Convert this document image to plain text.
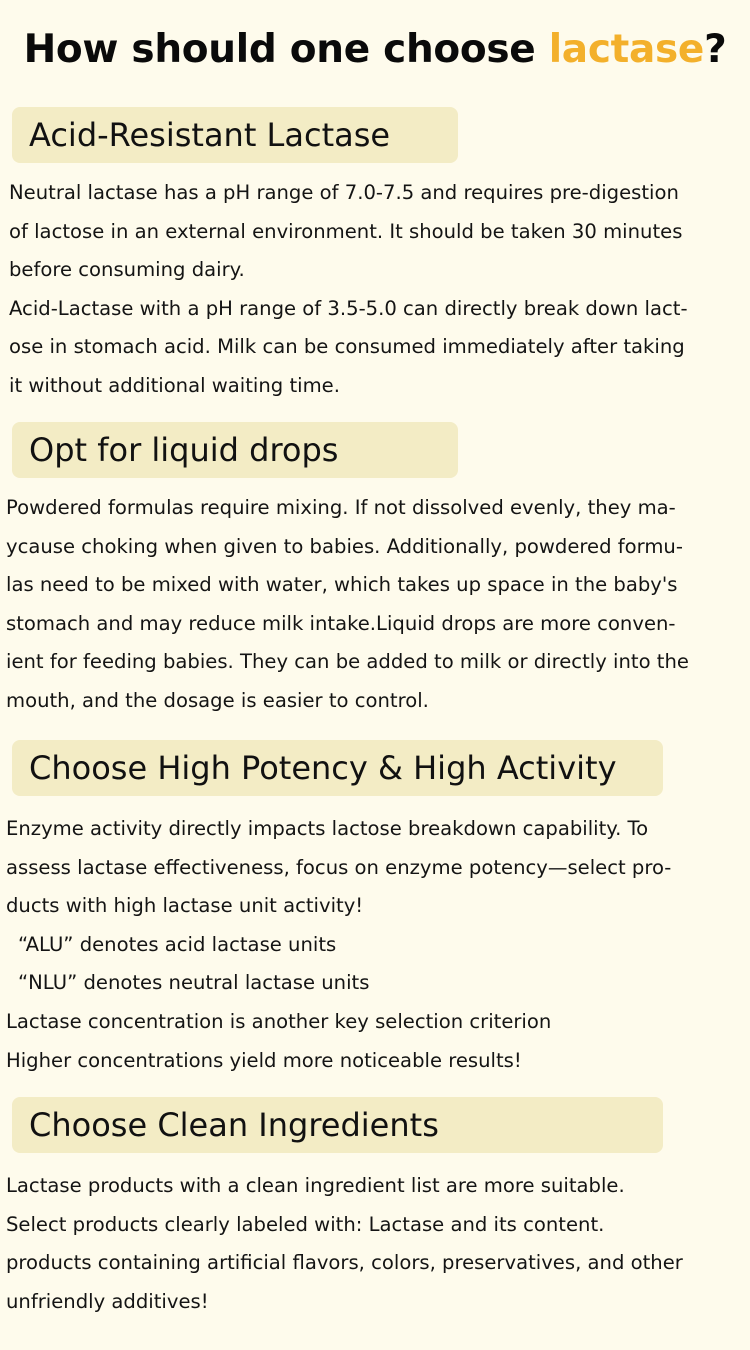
How should one choose lactase?
Acid-Resistant Lactase
Neutral lactase has a pH range of 7.0-7.5 and requires pre-digestion
of lactose in an external environment. It should be taken 30 minutes
before consuming dairy.
Acid-Lactase with a pH range of 3.5-5.0 can directly break down lact-
ose in stomach acid. Milk can be consumed immediately after taking
it without additional waiting time.
Opt for liquid drops
Powdered formulas require mixing. If not dissolved evenly, they ma-
ycause choking when given to babies. Additionally, powdered formu-
las need to be mixed with water, which takes up space in the baby's
stomach and may reduce milk intake.Liquid drops are more conven-
ient for feeding babies. They can be added to milk or directly into the
mouth, and the dosage is easier to control.
Choose High Potency & High Activity
Enzyme activity directly impacts lactose breakdown capability. To
assess lactase effectiveness, focus on enzyme potency—select pro-
ducts with high lactase unit activity!
“ALU” denotes acid lactase units
“NLU” denotes neutral lactase units
Lactase concentration is another key selection criterion
Higher concentrations yield more noticeable results!
Choose Clean Ingredients
Lactase products with a clean ingredient list are more suitable.
Select products clearly labeled with: Lactase and its content.
products containing artificial flavors, colors, preservatives, and other
unfriendly additives!
